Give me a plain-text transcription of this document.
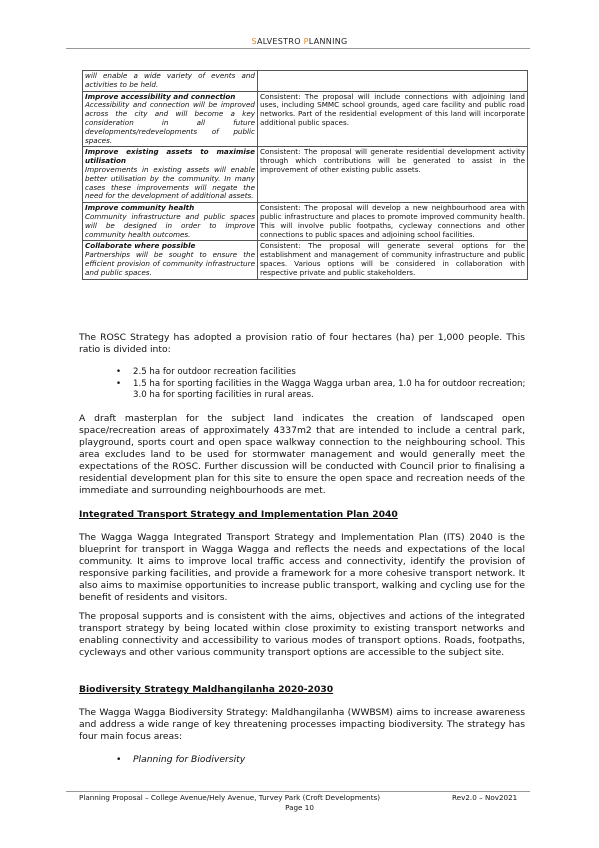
SALVESTRO PLANNING
will enable a wide variety of events and activities to be held.	

Improve accessibility and connection
Accessibility and connection will be improved across the city and will become a key consideration in all future developments/redevelopments of public spaces.	Consistent: The proposal will include connections with adjoining land uses, including SMMC school grounds, aged care facility and public road networks. Part of the residential evelopment of this land will incorporate additional public spaces.

Improve existing assets to maximise utilisation
Improvements in existing assets will enable better utilisation by the community. In many cases these improvements will negate the need for the development of additional assets.	Consistent: The proposal will generate residential development activity through which contributions will be generated to assist in the improvement of other existing public assets.

Improve community health
Community infrastructure and public spaces will be designed in order to improve community health outcomes.	Consistent: The proposal will develop a new neighbourhood area with public infrastructure and places to promote improved community health. This will involve public footpaths, cycleway connections and other connections to public spaces and adjoining school facilities.

Collaborate where possible
Partnerships will be sought to ensure the efficient provision of community infrastructure and public spaces.	Consistent: The proposal will generate several options for the establishment and management of community infrastructure and public spaces. Various options will be considered in collaboration with respective private and public stakeholders.
The ROSC Strategy has adopted a provision ratio of four hectares (ha) per 1,000 people. This ratio is divided into:
• 2.5 ha for outdoor recreation facilities
• 1.5 ha for sporting facilities in the Wagga Wagga urban area, 1.0 ha for outdoor recreation; 3.0 ha for sporting facilities in rural areas.
A draft masterplan for the subject land indicates the creation of landscaped open space/recreation areas of approximately 4337m2 that are intended to include a central park, playground, sports court and open space walkway connection to the neighbouring school. This area excludes land to be used for stormwater management and would generally meet the expectations of the ROSC. Further discussion will be conducted with Council prior to finalising a residential development plan for this site to ensure the open space and recreation needs of the immediate and surrounding neighbourhoods are met.
Integrated Transport Strategy and Implementation Plan 2040
The Wagga Wagga Integrated Transport Strategy and Implementation Plan (ITS) 2040 is the blueprint for transport in Wagga Wagga and reflects the needs and expectations of the local community. It aims to improve local traffic access and connectivity, identify the provision of responsive parking facilities, and provide a framework for a more cohesive transport network. It also aims to maximise opportunities to increase public transport, walking and cycling use for the benefit of residents and visitors.
The proposal supports and is consistent with the aims, objectives and actions of the integrated transport strategy by being located within close proximity to existing transport networks and enabling connectivity and accessibility to various modes of transport options. Roads, footpaths, cycleways and other various community transport options are accessible to the subject site.
Biodiversity Strategy Maldhangilanha 2020-2030
The Wagga Wagga Biodiversity Strategy: Maldhangilanha (WWBSM) aims to increase awareness and address a wide range of key threatening processes impacting biodiversity. The strategy has four main focus areas:
• Planning for Biodiversity
Planning Proposal – College Avenue/Hely Avenue, Turvey Park (Croft Developments)	Rev2.0 – Nov2021
Page 10
